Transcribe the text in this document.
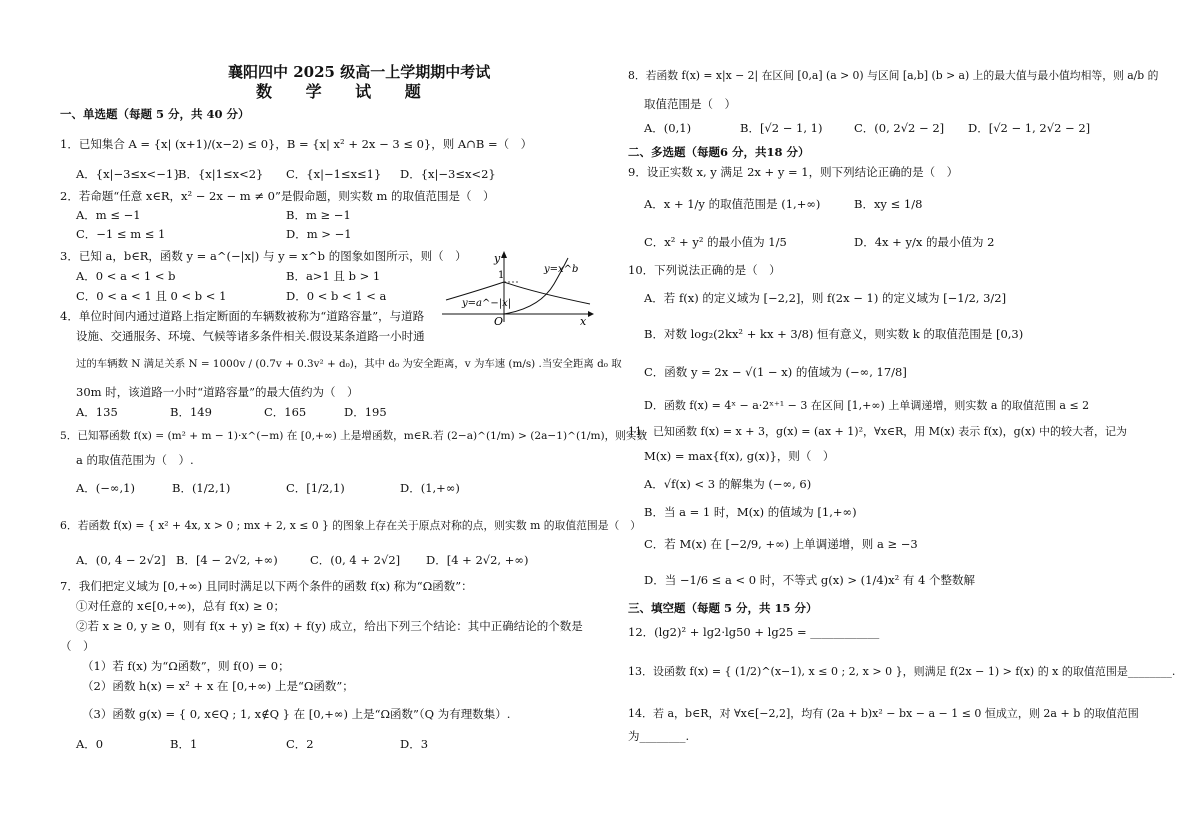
襄阳四中 2025 级高一上学期期中考试
数 学 试 题
一、单选题（每题 5 分，共 40 分）
1．已知集合 A = {x| (x+1)/(x−2) ≤ 0}，B = {x| x² + 2x − 3 ≤ 0}，则 A∩B =（　）
A．{x|−3≤x<−1}
B．{x|1≤x<2} C．{x|−1≤x≤1} D．{x|−3≤x<2}
2．若命题“任意 x∈R，x² − 2x − m ≠ 0”是假命题，则实数 m 的取值范围是（　）
A．m ≤ −1	B．m ≥ −1
C．−1 ≤ m ≤ 1	D．m > −1
3．已知 a，b∈R，函数 y = a^(−|x|) 与 y = x^b 的图象如图所示，则（　）
A．0 < a < 1 < b	B．a>1 且 b > 1
C．0 < a < 1 且 0 < b < 1	D．0 < b < 1 < a
4．单位时间内通过道路上指定断面的车辆数被称为“道路容量”，与道路
设施、交通服务、环境、气候等诸多条件相关.假设某条道路一小时通
过的车辆数 N 满足关系 N = 1000v / (0.7v + 0.3v² + d₀)，其中 d₀ 为安全距离，v 为车速 (m/s) .当安全距离 d₀ 取
30m 时，该道路一小时“道路容量”的最大值约为（　）
A．135	B．149	C．165	D．195
5．已知幂函数 f(x) = (m² + m − 1)·x^(−m) 在 [0,+∞) 上是增函数，m∈R.若 (2−a)^(1/m) > (2a−1)^(1/m)，则实数
a 的取值范围为（　）.
A．(−∞,1)	B．(1/2,1)	C．[1/2,1)	D．(1,+∞)
6．若函数 f(x) = { x² + 4x, x > 0 ; mx + 2, x ≤ 0 } 的图象上存在关于原点对称的点，则实数 m 的取值范围是（　）
A．(0, 4 − 2√2] B．[4 − 2√2, +∞)	C．(0, 4 + 2√2] D．[4 + 2√2, +∞)
7．我们把定义域为 [0,+∞) 且同时满足以下两个条件的函数 f(x) 称为“Ω函数”：
①对任意的 x∈[0,+∞)，总有 f(x) ≥ 0；
②若 x ≥ 0, y ≥ 0，则有 f(x + y) ≥ f(x) + f(y) 成立，给出下列三个结论：其中正确结论的个数是
（　）
（1）若 f(x) 为“Ω函数”，则 f(0) = 0；
（2）函数 h(x) = x² + x 在 [0,+∞) 上是“Ω函数”；
（3）函数 g(x) = { 0, x∈Q ; 1, x∉Q } 在 [0,+∞) 上是“Ω函数”（Q 为有理数集）.
A．0	B．1	C．2	D．3
y
x
O
1
y=a^−|x|
y=x^b
8．若函数 f(x) = x|x − 2| 在区间 [0,a] (a > 0) 与区间 [a,b] (b > a) 上的最大值与最小值均相等，则 a/b 的
取值范围是（　）
A．(0,1)	B．[√2 − 1, 1)	C．(0, 2√2 − 2] D．[√2 − 1, 2√2 − 2]
二、多选题（每题6 分，共18 分）
9．设正实数 x, y 满足 2x + y = 1，则下列结论正确的是（　）
A．x + 1/y 的取值范围是 (1,+∞)	B．xy ≤ 1/8
C．x² + y² 的最小值为 1/5	D．4x + y/x 的最小值为 2
10．下列说法正确的是（　）
A．若 f(x) 的定义域为 [−2,2]，则 f(2x − 1) 的定义域为 [−1/2, 3/2]
B．对数 log₂(2kx² + kx + 3/8) 恒有意义，则实数 k 的取值范围是 [0,3)
C．函数 y = 2x − √(1 − x) 的值域为 (−∞, 17/8]
D．函数 f(x) = 4ˣ − a·2ˣ⁺¹ − 3 在区间 [1,+∞) 上单调递增，则实数 a 的取值范围 a ≤ 2
11．已知函数 f(x) = x + 3，g(x) = (ax + 1)²，∀x∈R，用 M(x) 表示 f(x)，g(x) 中的较大者，记为
M(x) = max{f(x), g(x)}，则（　）
A．√f(x) < 3 的解集为 (−∞, 6)
B．当 a = 1 时，M(x) 的值域为 [1,+∞)
C．若 M(x) 在 [−2/9, +∞) 上单调递增，则 a ≥ −3
D．当 −1/6 ≤ a < 0 时，不等式 g(x) > (1/4)x² 有 4 个整数解
三、填空题（每题 5 分，共 15 分）
12．(lg2)² + lg2·lg50 + lg25 = ____________
13．设函数 f(x) = { (1/2)^(x−1), x ≤ 0 ; 2, x > 0 }，则满足 f(2x − 1) > f(x) 的 x 的取值范围是________.
14．若 a，b∈R，对 ∀x∈[−2,2]，均有 (2a + b)x² − bx − a − 1 ≤ 0 恒成立，则 2a + b 的取值范围
为________.
